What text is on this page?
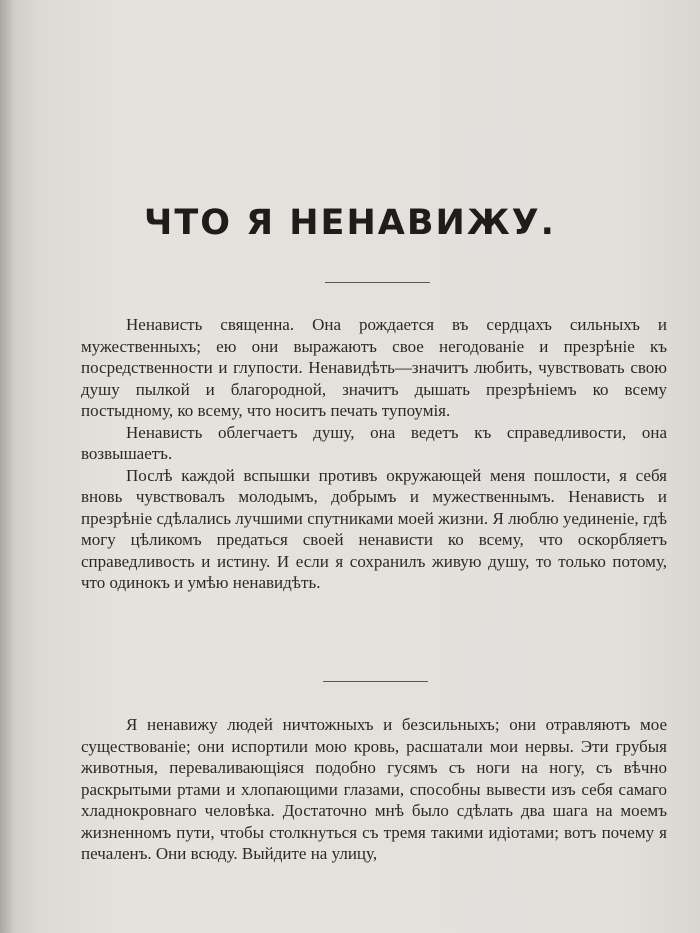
ЧТО Я НЕНАВИЖУ.

Ненависть священна. Она рождается въ сердцахъ сильныхъ и мужественныхъ; ею они выражаютъ свое негодованіе и презрѣніе къ посредственности и глупости. Ненавидѣть—значитъ любить, чувствовать свою душу пылкой и благородной, значитъ дышать презрѣніемъ ко всему постыдному, ко всему, что носитъ печать тупоумія.

Ненависть облегчаетъ душу, она ведетъ къ справедливости, она возвышаетъ.

Послѣ каждой вспышки противъ окружающей меня пошлости, я себя вновь чувствовалъ молодымъ, добрымъ и мужественнымъ. Ненависть и презрѣніе сдѣлались лучшими спутниками моей жизни. Я люблю уединеніе, гдѣ могу цѣликомъ предаться своей ненависти ко всему, что оскорбляетъ справедливость и истину. И если я сохранилъ живую душу, то только потому, что одинокъ и умѣю ненавидѣть.

Я ненавижу людей ничтожныхъ и безсильныхъ; они отравляютъ мое существованіе; они испортили мою кровь, расшатали мои нервы. Эти грубыя животныя, переваливающіяся подобно гусямъ съ ноги на ногу, съ вѣчно раскрытыми ртами и хлопающими глазами, способны вывести изъ себя самаго хладнокровнаго человѣка. Достаточно мнѣ было сдѣлать два шага на моемъ жизненномъ пути, чтобы столкнуться съ тремя такими идіотами; вотъ почему я печаленъ. Они всюду. Выйдите на улицу,
